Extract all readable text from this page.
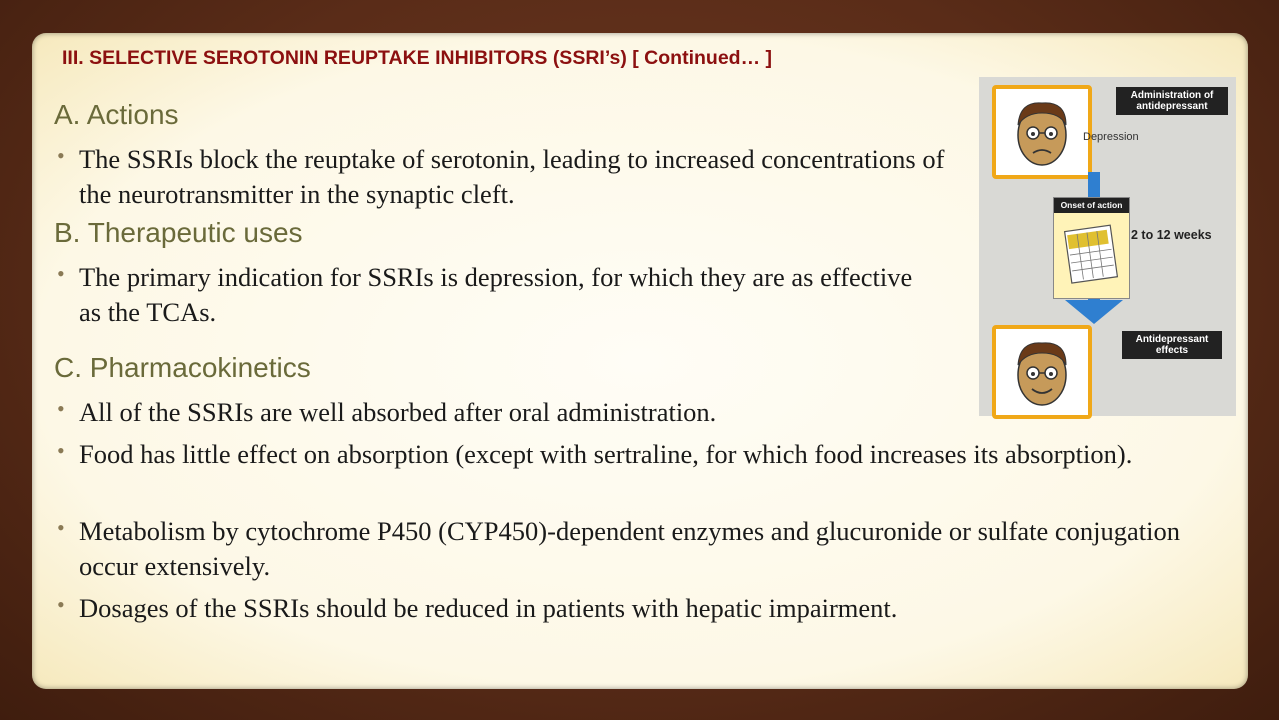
III. SELECTIVE SEROTONIN REUPTAKE INHIBITORS (SSRI’s) [ Continued… ]
A. Actions
• The SSRIs block the reuptake of serotonin, leading to increased concentrations of the neurotransmitter in the synaptic cleft.
B. Therapeutic uses
• The primary indication for SSRIs is depression, for which they are as effective as the TCAs.
C. Pharmacokinetics
• All of the SSRIs are well absorbed after oral administration.
• Food has little effect on absorption (except with sertraline, for which food increases its absorption).
• Metabolism by cytochrome P450 (CYP450)-dependent enzymes and glucuronide or sulfate conjugation occur extensively.
• Dosages of the SSRIs should be reduced in patients with hepatic impairment.
Depression
Administration of antidepressant
Onset of action
2 to 12 weeks
Antidepressant effects
